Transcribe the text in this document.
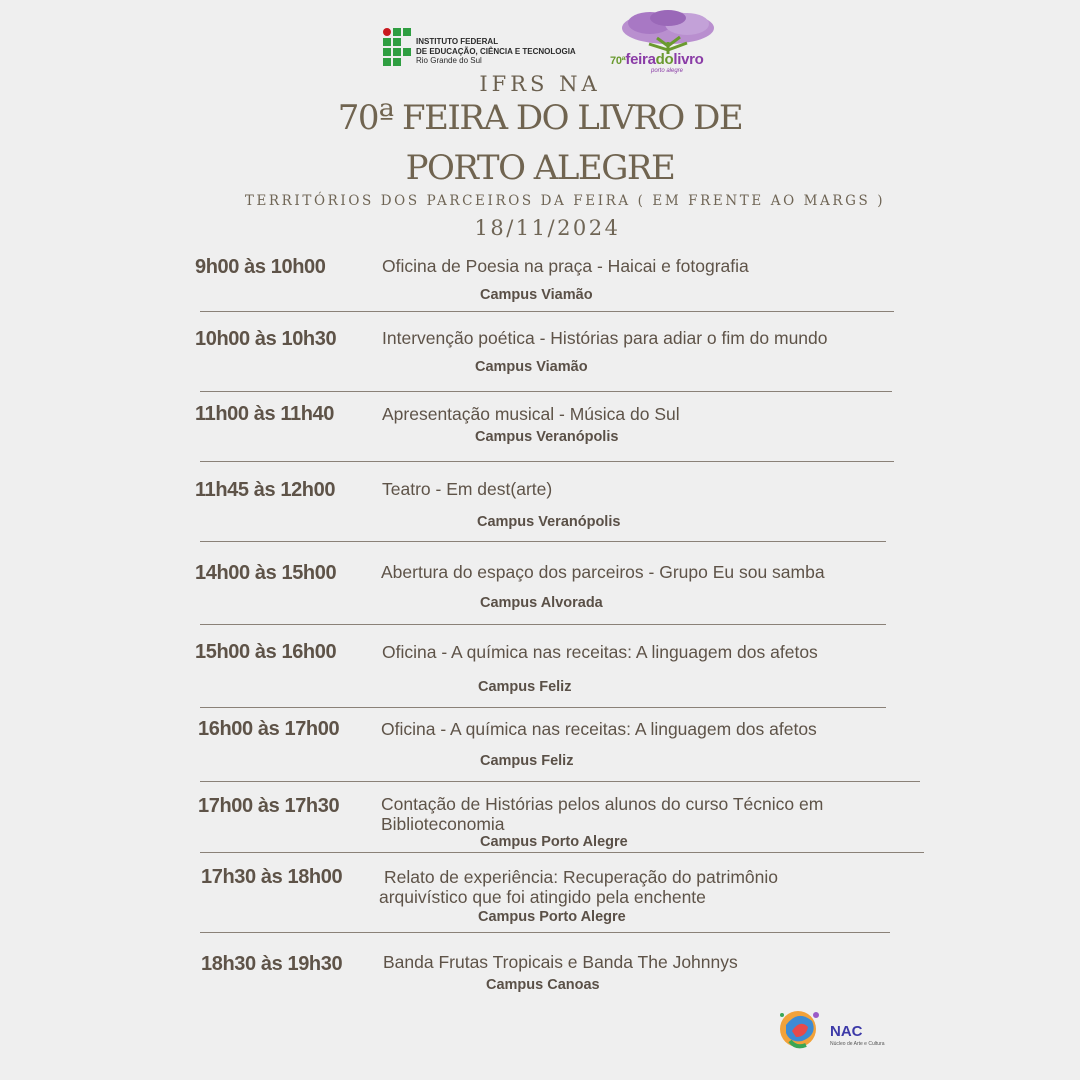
INSTITUTO FEDERAL
DE EDUCAÇÃO, CIÊNCIA E TECNOLOGIA
Rio Grande do Sul	70ªfeiradolivro
porto alegre
IFRS NA
70ª FEIRA DO LIVRO DE
PORTO ALEGRE
TERRITÓRIOS DOS PARCEIROS DA FEIRA ( EM FRENTE AO MARGS )
18/11/2024
9h00 às 10h00	Oficina de Poesia na praça - Haicai e fotografia
Campus Viamão
10h00 às 10h30	Intervenção poética - Histórias para adiar o fim do mundo
Campus Viamão
11h00 às 11h40	Apresentação musical - Música do Sul
Campus Veranópolis
11h45 às 12h00	Teatro - Em dest(arte)
Campus Veranópolis
14h00 às 15h00	Abertura do espaço dos parceiros - Grupo Eu sou samba
Campus Alvorada
15h00 às 16h00	Oficina - A química nas receitas: A linguagem dos afetos
Campus Feliz
16h00 às 17h00 Oficina - A química nas receitas: A linguagem dos afetos
Campus Feliz
17h00 às 17h30 Contação de Histórias pelos alunos do curso Técnico em
Biblioteconomia
Campus Porto Alegre
17h30 às 18h00 Relato de experiência: Recuperação do patrimônio
arquivístico que foi atingido pela enchente
Campus Porto Alegre
18h30 às 19h30 Banda Frutas Tropicais e Banda The Johnnys
Campus Canoas
NAC
Núcleo de Arte e Cultura
